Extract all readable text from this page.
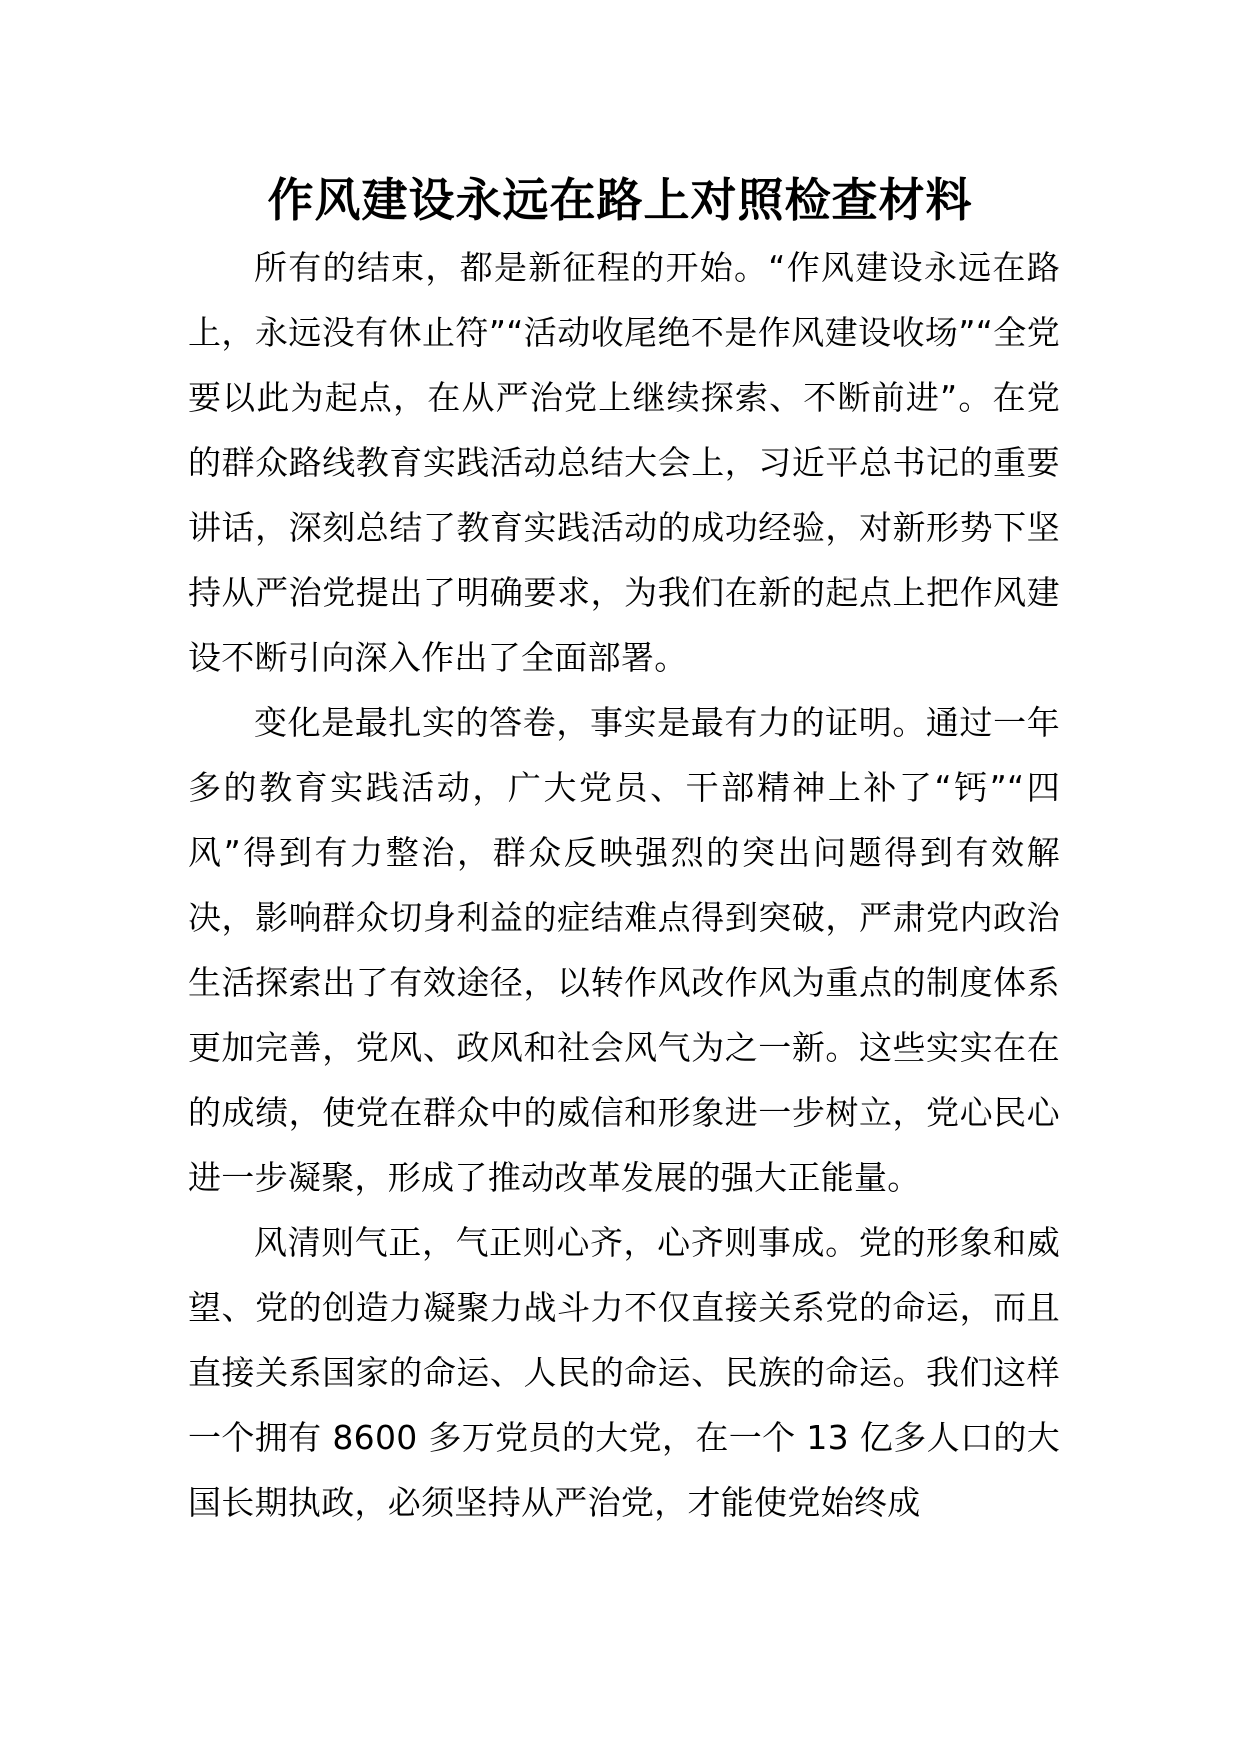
作风建设永远在路上对照检查材料

所有的结束，都是新征程的开始。“作风建设永远在路上，永远没有休止符”“活动收尾绝不是作风建设收场”“全党要以此为起点，在从严治党上继续探索、不断前进”。在党的群众路线教育实践活动总结大会上，习近平总书记的重要讲话，深刻总结了教育实践活动的成功经验，对新形势下坚持从严治党提出了明确要求，为我们在新的起点上把作风建设不断引向深入作出了全面部署。

变化是最扎实的答卷，事实是最有力的证明。通过一年多的教育实践活动，广大党员、干部精神上补了“钙”“四风”得到有力整治，群众反映强烈的突出问题得到有效解决，影响群众切身利益的症结难点得到突破，严肃党内政治生活探索出了有效途径，以转作风改作风为重点的制度体系更加完善，党风、政风和社会风气为之一新。这些实实在在的成绩，使党在群众中的威信和形象进一步树立，党心民心进一步凝聚，形成了推动改革发展的强大正能量。

风清则气正，气正则心齐，心齐则事成。党的形象和威望、党的创造力凝聚力战斗力不仅直接关系党的命运，而且直接关系国家的命运、人民的命运、民族的命运。我们这样一个拥有 8600 多万党员的大党，在一个 13 亿多人口的大国长期执政，必须坚持从严治党，才能使党始终成
